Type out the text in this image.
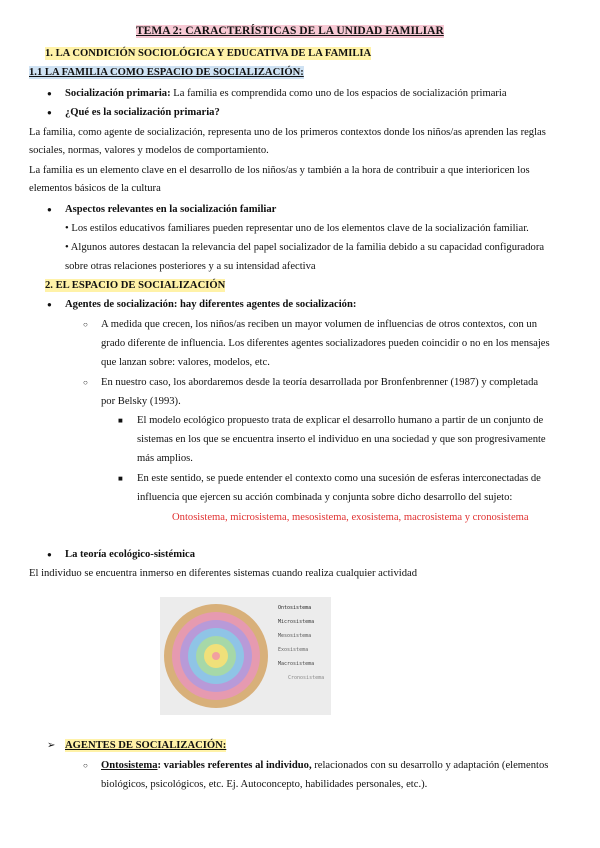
TEMA 2: CARACTERÍSTICAS DE LA UNIDAD FAMILIAR
1. LA CONDICIÓN SOCIOLÓGICA Y EDUCATIVA DE LA FAMILIA
1.1 LA FAMILIA COMO ESPACIO DE SOCIALIZACIÓN:
● Socialización primaria: La familia es comprendida como uno de los espacios de socialización primaria
● ¿Qué es la socialización primaria?
La familia, como agente de socialización, representa uno de los primeros contextos donde los niños/as aprenden las reglas
sociales, normas, valores y modelos de comportamiento.
La familia es un elemento clave en el desarrollo de los niños/as y también a la hora de contribuir a que interioricen los
elementos básicos de la cultura
● Aspectos relevantes en la socialización familiar
• Los estilos educativos familiares pueden representar uno de los elementos clave de la socialización familiar.
• Algunos autores destacan la relevancia del papel socializador de la familia debido a su capacidad configuradora
sobre otras relaciones posteriores y a su intensidad afectiva
2. EL ESPACIO DE SOCIALIZACIÓN
● Agentes de socialización: hay diferentes agentes de socialización:
○ A medida que crecen, los niños/as reciben un mayor volumen de influencias de otros contextos, con un
grado diferente de influencia. Los diferentes agentes socializadores pueden coincidir o no en los mensajes
que lanzan sobre: valores, modelos, etc.
○ En nuestro caso, los abordaremos desde la teoría desarrollada por Bronfenbrenner (1987) y completada
por Belsky (1993).
■ El modelo ecológico propuesto trata de explicar el desarrollo humano a partir de un conjunto de
sistemas en los que se encuentra inserto el individuo en una sociedad y que son progresivamente
más amplios.
■ En este sentido, se puede entender el contexto como una sucesión de esferas interconectadas de
influencia que ejercen su acción combinada y conjunta sobre dicho desarrollo del sujeto:
Ontosistema, microsistema, mesosistema, exosistema, macrosistema y cronosistema
● La teoría ecológico-sistémica
El individuo se encuentra inmerso en diferentes sistemas cuando realiza cualquier actividad
Ontosistema
Microsistema
Mesosistema
Exosistema
Macrosistema
Cronosistema
➢ AGENTES DE SOCIALIZACIÓN:
○ Ontosistema: variables referentes al individuo, relacionados con su desarrollo y adaptación (elementos
biológicos, psicológicos, etc. Ej. Autoconcepto, habilidades personales, etc.).
